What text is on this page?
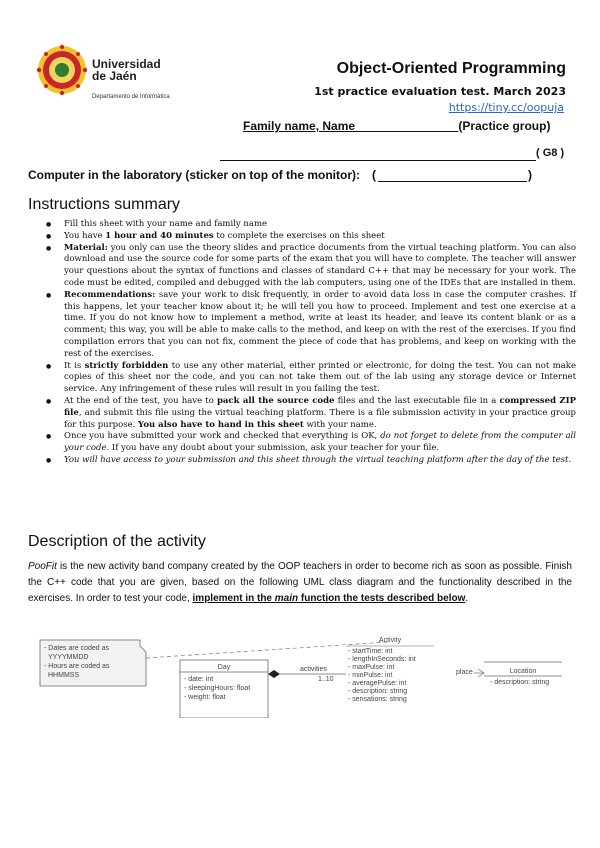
Universidad
de Jaén
Departamento de Informática
Object-Oriented Programming
1st practice evaluation test. March 2023
https://tiny.cc/oopuja
Family name, Name	(Practice group)
( G8 )
Computer in the laboratory (sticker on top of the monitor): (	)
Instructions summary
● Fill this sheet with your name and family name
● You have 1 hour and 40 minutes to complete the exercises on this sheet
● Material: you only can use the theory slides and practice documents from the virtual teaching platform. You can also download and use the source code for some parts of the exam that you will have to complete. The teacher will answer your questions about the syntax of functions and classes of standard C++ that may be necessary for your work. The code must be edited, compiled and debugged with the lab computers, using one of the IDEs that are installed in them.
● Recommendations: save your work to disk frequently, in order to avoid data loss in case the computer crashes. If this happens, let your teacher know about it; he will tell you how to proceed. Implement and test one exercise at a time. If you do not know how to implement a method, write at least its header, and leave its content blank or as a comment; this way, you will be able to make calls to the method, and keep on with the rest of the exercises. If you find compilation errors that you can not fix, comment the piece of code that has problems, and keep on working with the rest of the exercises.
● It is strictly forbidden to use any other material, either printed or electronic, for doing the test. You can not make copies of this sheet nor the code, and you can not take them out of the lab using any storage device or Internet service. Any infringement of these rules will result in you failing the test.
● At the end of the test, you have to pack all the source code files and the last executable file in a compressed ZIP file, and submit this file using the virtual teaching platform. There is a file submission activity in your practice group for this purpose. You also have to hand in this sheet with your name.
● Once you have submitted your work and checked that everything is OK, do not forget to delete from the computer all your code. If you have any doubt about your submission, ask your teacher for your file.
● You will have access to your submission and this sheet through the virtual teaching platform after the day of the test.
Description of the activity
PooFit is the new activity band company created by the OOP teachers in order to become rich as soon as possible. Finish the C++ code that you are given, based on the following UML class diagram and the functionality described in the exercises. In order to test your code, implement in the main function the tests described below.
- Dates are coded as
YYYYMMDD
- Hours are coded as
HHMMSS
Day
- date: int
- sleepingHours: float
- weight: float
activities
1..10
Activity
- startTime: int
- lengthInSeconds: int
- maxPulse: int
- minPulse: int
- averagePulse: int
- description: string
- sensations: string
place	Location
- description: string
